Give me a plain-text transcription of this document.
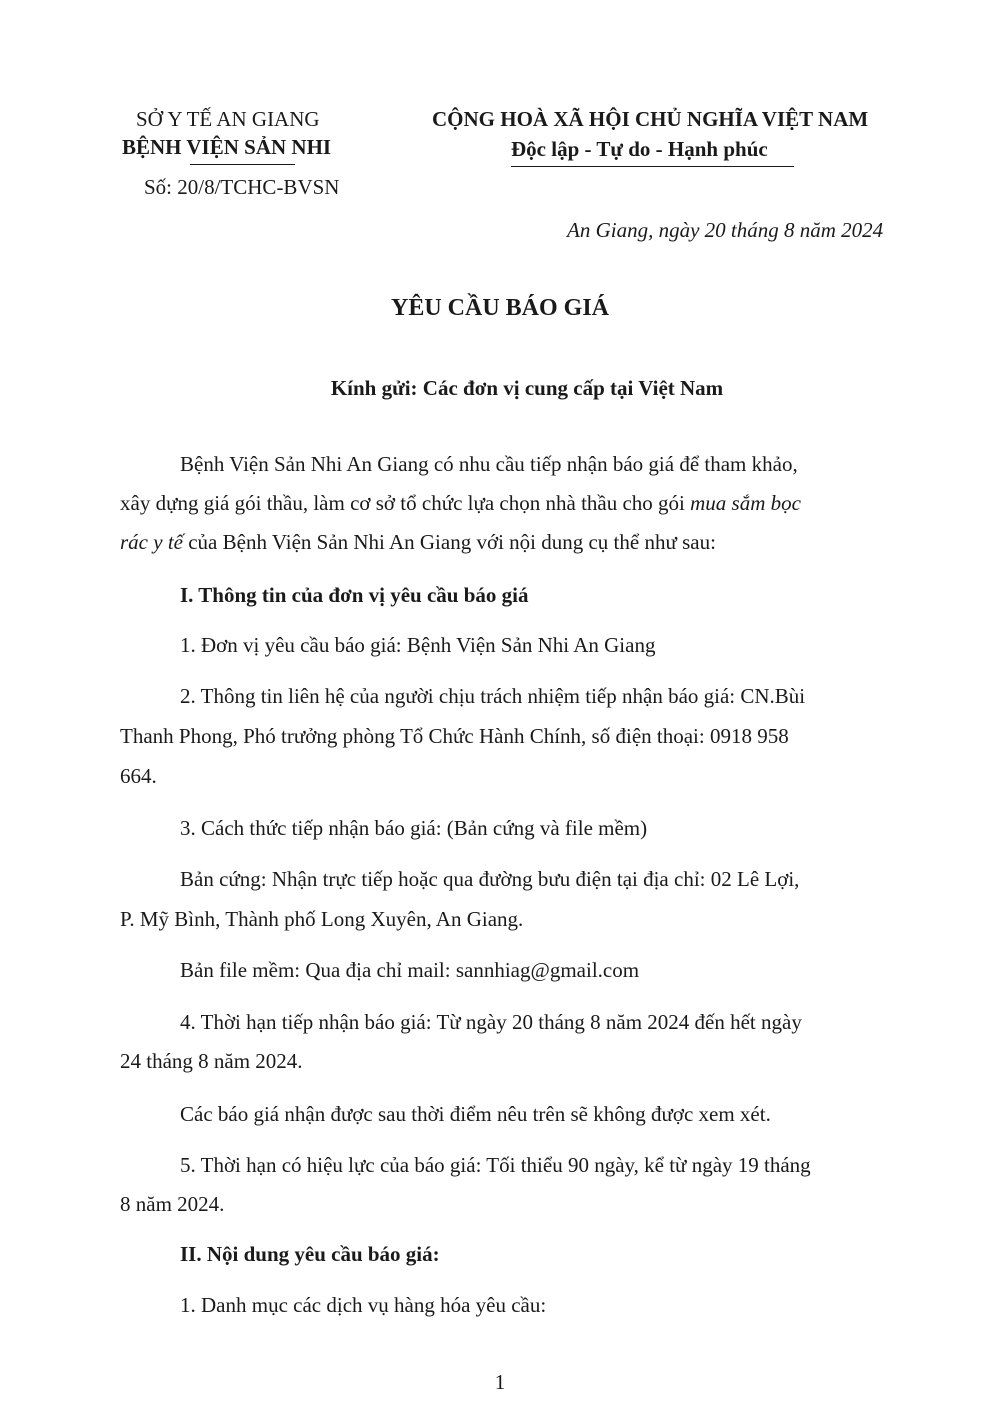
SỞ Y TẾ AN GIANG
BỆNH VIỆN SẢN NHI
Số: 20/8/TCHC-BVSN
CỘNG HOÀ XÃ HỘI CHỦ NGHĨA VIỆT NAM
Độc lập - Tự do - Hạnh phúc
An Giang, ngày 20 tháng 8 năm 2024
YÊU CẦU BÁO GIÁ
Kính gửi: Các đơn vị cung cấp tại Việt Nam
Bệnh Viện Sản Nhi An Giang có nhu cầu tiếp nhận báo giá để tham khảo,
xây dựng giá gói thầu, làm cơ sở tổ chức lựa chọn nhà thầu cho gói mua sắm bọc
rác y tế của Bệnh Viện Sản Nhi An Giang với nội dung cụ thể như sau:
I. Thông tin của đơn vị yêu cầu báo giá
1. Đơn vị yêu cầu báo giá: Bệnh Viện Sản Nhi An Giang
2. Thông tin liên hệ của người chịu trách nhiệm tiếp nhận báo giá: CN.Bùi
Thanh Phong, Phó trưởng phòng Tổ Chức Hành Chính, số điện thoại: 0918 958
664.
3. Cách thức tiếp nhận báo giá: (Bản cứng và file mềm)
Bản cứng: Nhận trực tiếp hoặc qua đường bưu điện tại địa chỉ: 02 Lê Lợi,
P. Mỹ Bình, Thành phố Long Xuyên, An Giang.
Bản file mềm: Qua địa chỉ mail: sannhiag@gmail.com
4. Thời hạn tiếp nhận báo giá: Từ ngày 20 tháng 8 năm 2024 đến hết ngày
24 tháng 8 năm 2024.
Các báo giá nhận được sau thời điểm nêu trên sẽ không được xem xét.
5. Thời hạn có hiệu lực của báo giá: Tối thiểu 90 ngày, kể từ ngày 19 tháng
8 năm 2024.
II. Nội dung yêu cầu báo giá:
1. Danh mục các dịch vụ hàng hóa yêu cầu:
1
